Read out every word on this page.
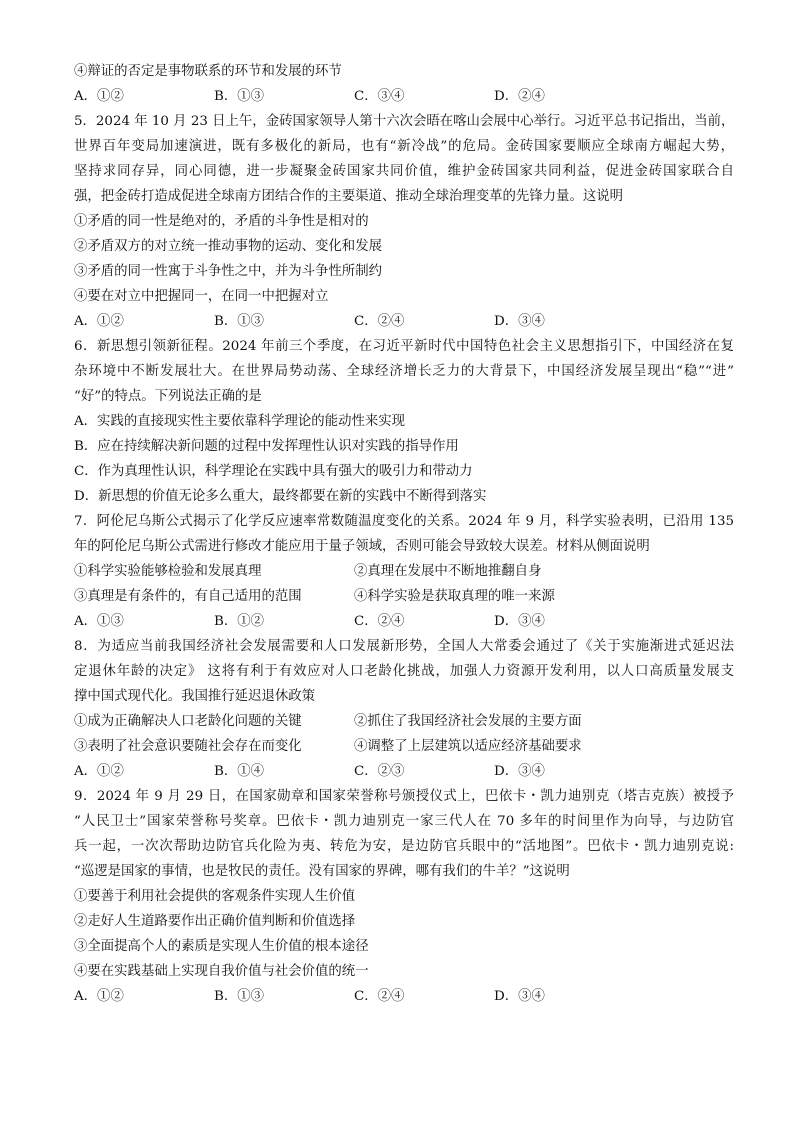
④辩证的否定是事物联系的环节和发展的环节
A．①②	B．①③	C．③④	D．②④
5．2024 年 10 月 23 日上午，金砖国家领导人第十六次会晤在喀山会展中心举行。习近平总书记指出，当前，
世界百年变局加速演进，既有多极化的新局，也有“新冷战”的危局。金砖国家要顺应全球南方崛起大势，
坚持求同存异，同心同德，进一步凝聚金砖国家共同价值，维护金砖国家共同利益，促进金砖国家联合自
强，把金砖打造成促进全球南方团结合作的主要渠道、推动全球治理变革的先锋力量。这说明
①矛盾的同一性是绝对的，矛盾的斗争性是相对的
②矛盾双方的对立统一推动事物的运动、变化和发展
③矛盾的同一性寓于斗争性之中，并为斗争性所制约
④要在对立中把握同一，在同一中把握对立
A．①②	B．①③	C．②④	D．③④
6．新思想引领新征程。2024 年前三个季度，在习近平新时代中国特色社会主义思想指引下，中国经济在复
杂环境中不断发展壮大。在世界局势动荡、全球经济增长乏力的大背景下，中国经济发展呈现出“稳”“进”
“好”的特点。下列说法正确的是
A．实践的直接现实性主要依靠科学理论的能动性来实现
B．应在持续解决新问题的过程中发挥理性认识对实践的指导作用
C．作为真理性认识，科学理论在实践中具有强大的吸引力和带动力
D．新思想的价值无论多么重大，最终都要在新的实践中不断得到落实
7．阿伦尼乌斯公式揭示了化学反应速率常数随温度变化的关系。2024 年 9 月，科学实验表明，已沿用 135
年的阿伦尼乌斯公式需进行修改才能应用于量子领域，否则可能会导致较大误差。材料从侧面说明
①科学实验能够检验和发展真理	②真理在发展中不断地推翻自身
③真理是有条件的，有自己适用的范围	④科学实验是获取真理的唯一来源
A．①③	B．①②	C．②④	D．③④
8．为适应当前我国经济社会发展需要和人口发展新形势，全国人大常委会通过了《关于实施渐进式延迟法
定退休年龄的决定》 这将有利于有效应对人口老龄化挑战，加强人力资源开发利用，以人口高质量发展支
撑中国式现代化。我国推行延迟退休政策
①成为正确解决人口老龄化问题的关键	②抓住了我国经济社会发展的主要方面
③表明了社会意识要随社会存在而变化	④调整了上层建筑以适应经济基础要求
A．①②	B．①④	C．②③	D．③④
9．2024 年 9 月 29 日，在国家勋章和国家荣誉称号颁授仪式上，巴依卡・凯力迪别克（塔吉克族）被授予
“人民卫士”国家荣誉称号奖章。巴依卡・凯力迪别克一家三代人在 70 多年的时间里作为向导，与边防官
兵一起，一次次帮助边防官兵化险为夷、转危为安，是边防官兵眼中的“活地图”。巴依卡・凯力迪别克说:
“巡逻是国家的事情，也是牧民的责任。没有国家的界碑，哪有我们的牛羊？”这说明
①要善于利用社会提供的客观条件实现人生价值
②走好人生道路要作出正确价值判断和价值选择
③全面提高个人的素质是实现人生价值的根本途径
④要在实践基础上实现自我价值与社会价值的统一
A．①②	B．①③	C．②④	D．③④
